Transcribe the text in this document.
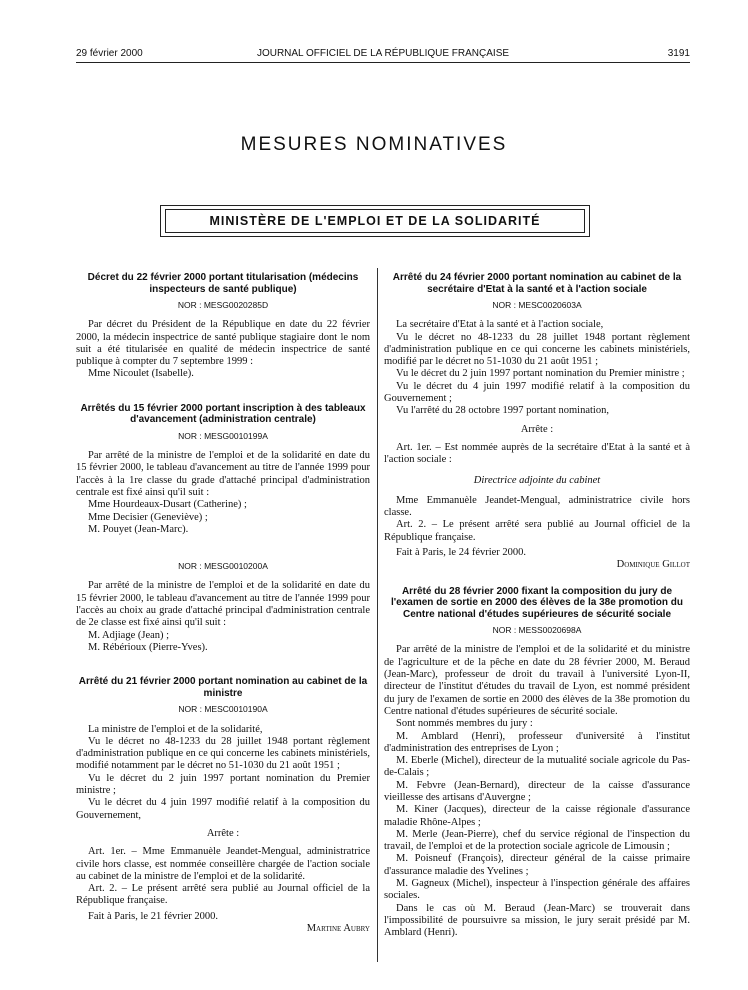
29 février 2000	JOURNAL OFFICIEL DE LA RÉPUBLIQUE FRANÇAISE	3191
MESURES NOMINATIVES
MINISTÈRE DE L'EMPLOI ET DE LA SOLIDARITÉ
Décret du 22 février 2000 portant titularisation (médecins inspecteurs de santé publique)
NOR : MESG0020285D

Par décret du Président de la République en date du 22 février 2000, la médecin inspectrice de santé publique stagiaire dont le nom suit a été titularisée en qualité de médecin inspectrice de santé publique à compter du 7 septembre 1999 :

Mme Nicoulet (Isabelle).

Arrêtés du 15 février 2000 portant inscription à des tableaux d'avancement (administration centrale)
NOR : MESG0010199A

Par arrêté de la ministre de l'emploi et de la solidarité en date du 15 février 2000, le tableau d'avancement au titre de l'année 1999 pour l'accès à la 1re classe du grade d'attaché principal d'administration centrale est fixé ainsi qu'il suit :

Mme Hourdeaux-Dusart (Catherine) ;

Mme Decisier (Geneviève) ;

M. Pouyet (Jean-Marc).

NOR : MESG0010200A

Par arrêté de la ministre de l'emploi et de la solidarité en date du 15 février 2000, le tableau d'avancement au titre de l'année 1999 pour l'accès au choix au grade d'attaché principal d'administration centrale de 2e classe est fixé ainsi qu'il suit :

M. Adjiage (Jean) ;

M. Rébérioux (Pierre-Yves).

Arrêté du 21 février 2000 portant nomination au cabinet de la ministre
NOR : MESC0010190A

La ministre de l'emploi et de la solidarité,

Vu le décret no 48-1233 du 28 juillet 1948 portant règlement d'administration publique en ce qui concerne les cabinets ministériels, modifié notamment par le décret no 51-1030 du 21 août 1951 ;

Vu le décret du 2 juin 1997 portant nomination du Premier ministre ;

Vu le décret du 4 juin 1997 modifié relatif à la composition du Gouvernement,

Arrête :

Art. 1er. – Mme Emmanuèle Jeandet-Mengual, administratrice civile hors classe, est nommée conseillère chargée de l'action sociale au cabinet de la ministre de l'emploi et de la solidarité.

Art. 2. – Le présent arrêté sera publié au Journal officiel de la République française.

Fait à Paris, le 21 février 2000.

Martine Aubry

Arrêté du 24 février 2000 portant nomination au cabinet de la secrétaire d'Etat à la santé et à l'action sociale
NOR : MESC0020603A

La secrétaire d'Etat à la santé et à l'action sociale,

Vu le décret no 48-1233 du 28 juillet 1948 portant règlement d'administration publique en ce qui concerne les cabinets ministériels, modifié par le décret no 51-1030 du 21 août 1951 ;

Vu le décret du 2 juin 1997 portant nomination du Premier ministre ;

Vu le décret du 4 juin 1997 modifié relatif à la composition du Gouvernement ;

Vu l'arrêté du 28 octobre 1997 portant nomination,

Arrête :

Art. 1er. – Est nommée auprès de la secrétaire d'Etat à la santé et à l'action sociale :

Directrice adjointe du cabinet

Mme Emmanuèle Jeandet-Mengual, administratrice civile hors classe.

Art. 2. – Le présent arrêté sera publié au Journal officiel de la République française.

Fait à Paris, le 24 février 2000.

Dominique Gillot

Arrêté du 28 février 2000 fixant la composition du jury de l'examen de sortie en 2000 des élèves de la 38e promotion du Centre national d'études supérieures de sécurité sociale
NOR : MESS0020698A

Par arrêté de la ministre de l'emploi et de la solidarité et du ministre de l'agriculture et de la pêche en date du 28 février 2000, M. Beraud (Jean-Marc), professeur de droit du travail à l'université Lyon-II, directeur de l'institut d'études du travail de Lyon, est nommé président du jury de l'examen de sortie en 2000 des élèves de la 38e promotion du Centre national d'études supérieures de sécurité sociale.

Sont nommés membres du jury :

M. Amblard (Henri), professeur d'université à l'institut d'administration des entreprises de Lyon ;

M. Eberle (Michel), directeur de la mutualité sociale agricole du Pas-de-Calais ;

M. Febvre (Jean-Bernard), directeur de la caisse d'assurance vieillesse des artisans d'Auvergne ;

M. Kiner (Jacques), directeur de la caisse régionale d'assurance maladie Rhône-Alpes ;

M. Merle (Jean-Pierre), chef du service régional de l'inspection du travail, de l'emploi et de la protection sociale agricole de Limousin ;

M. Poisneuf (François), directeur général de la caisse primaire d'assurance maladie des Yvelines ;

M. Gagneux (Michel), inspecteur à l'inspection générale des affaires sociales.

Dans le cas où M. Beraud (Jean-Marc) se trouverait dans l'impossibilité de poursuivre sa mission, le jury serait présidé par M. Amblard (Henri).
